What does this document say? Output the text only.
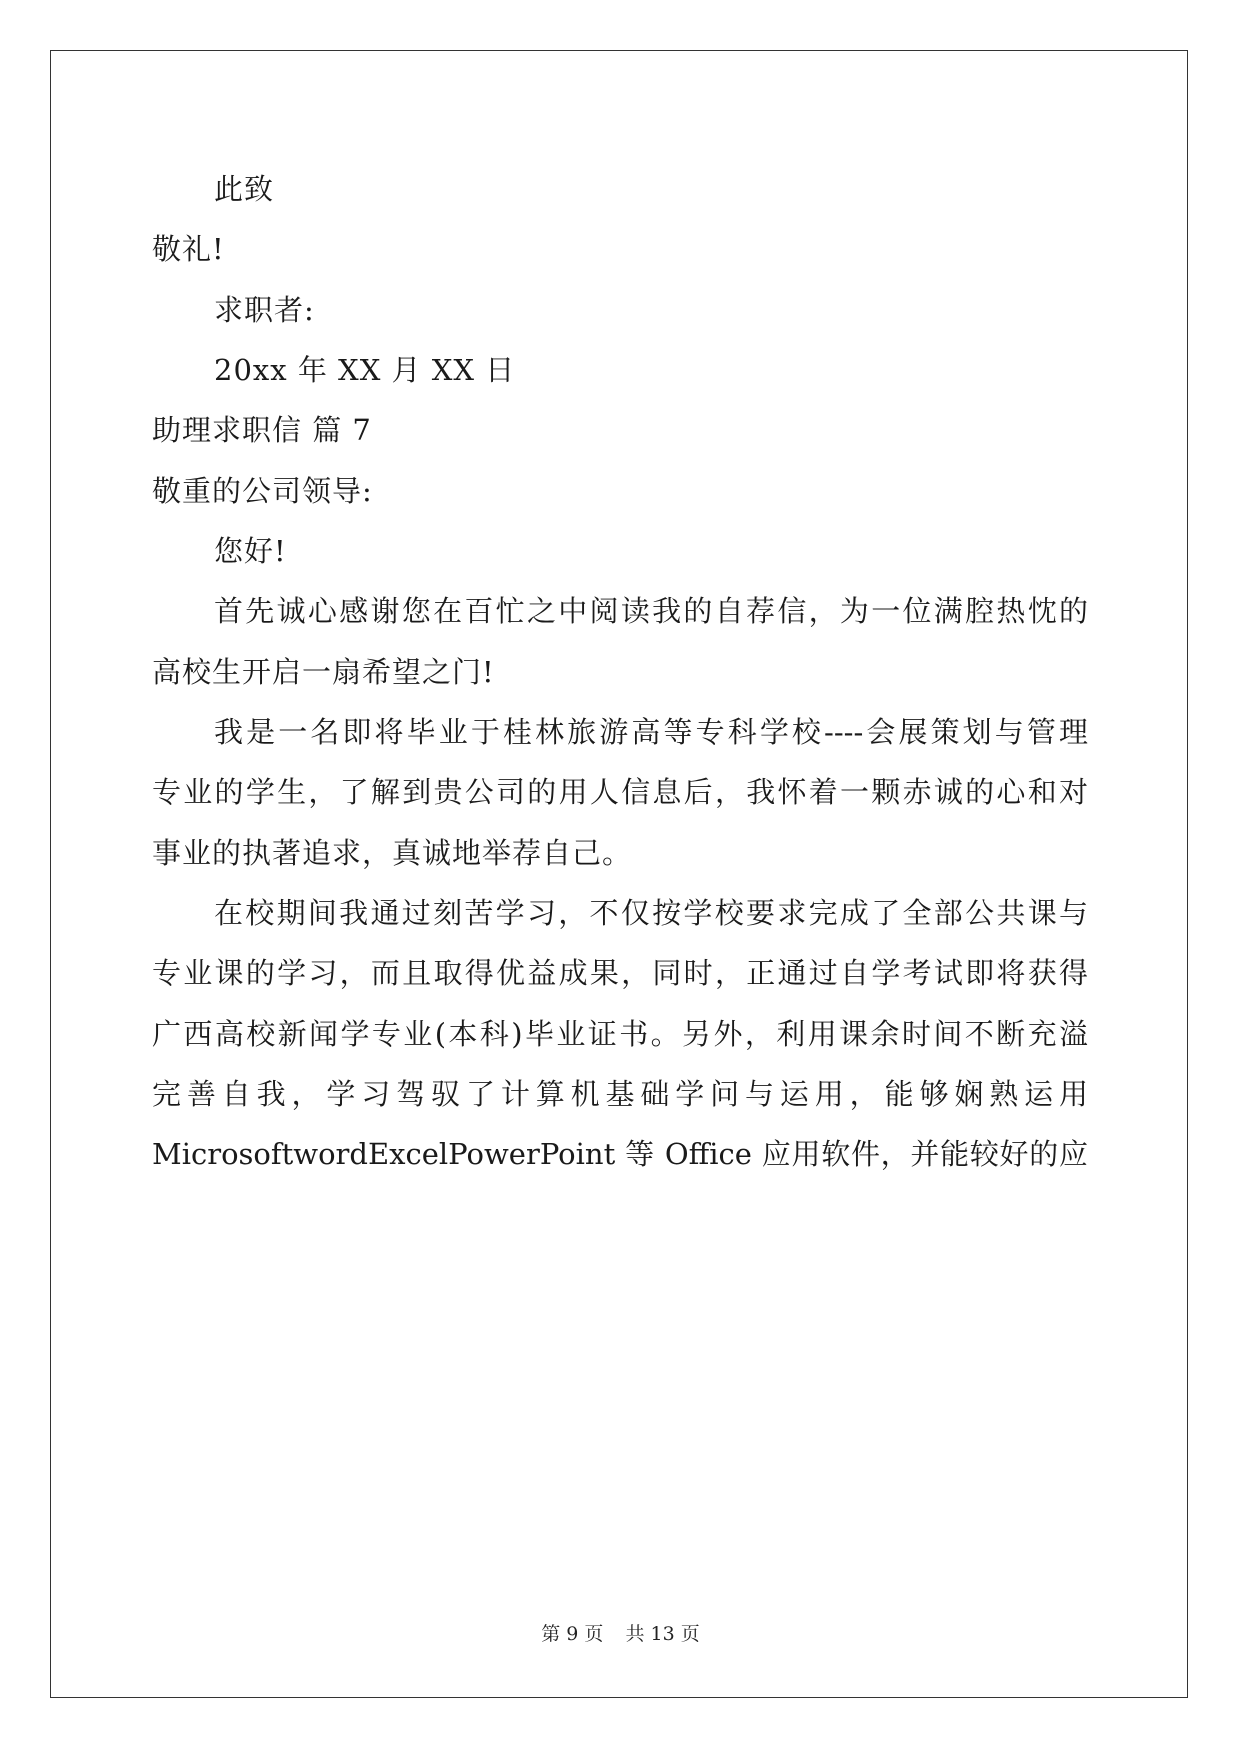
此致
敬礼!
求职者:
20xx 年 XX 月 XX 日
助理求职信 篇 7
敬重的公司领导:
您好!
首先诚心感谢您在百忙之中阅读我的自荐信，为一位满腔热忱的
高校生开启一扇希望之门!
我是一名即将毕业于桂林旅游高等专科学校----会展策划与管理
专业的学生，了解到贵公司的用人信息后，我怀着一颗赤诚的心和对
事业的执著追求，真诚地举荐自己。
在校期间我通过刻苦学习，不仅按学校要求完成了全部公共课与
专业课的学习，而且取得优益成果，同时，正通过自学考试即将获得
广西高校新闻学专业(本科)毕业证书。另外，利用课余时间不断充溢
完善自我，学习驾驭了计算机基础学问与运用，能够娴熟运用
MicrosoftwordExcelPowerPoint 等 Office 应用软件，并能较好的应
第 9 页 共 13 页
